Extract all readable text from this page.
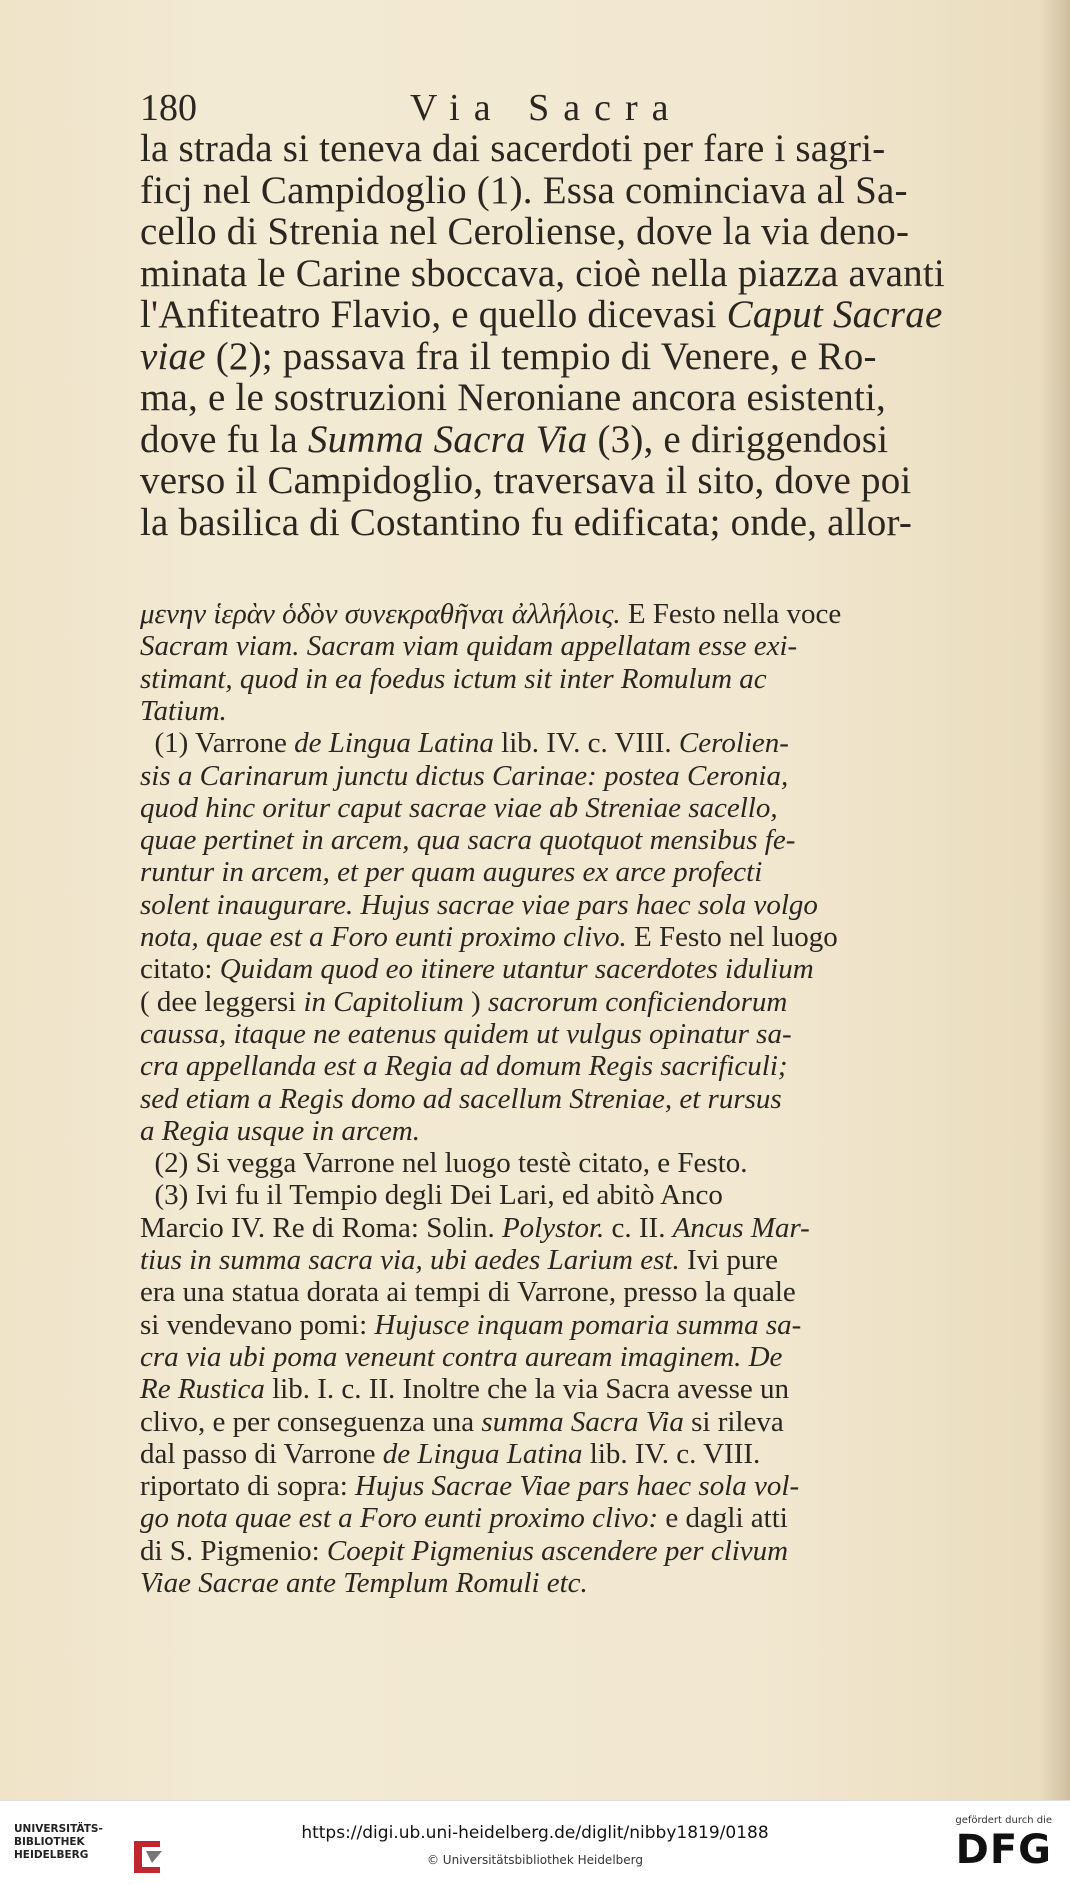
180	Via Sacra
la strada si teneva dai sacerdoti per fare i sagri-
ficj nel Campidoglio (1). Essa cominciava al Sa-
cello di Strenia nel Ceroliense, dove la via deno-
minata le Carine sboccava, cioè nella piazza avanti
l'Anfiteatro Flavio, e quello dicevasi Caput Sacrae
viae (2); passava fra il tempio di Venere, e Ro-
ma, e le sostruzioni Neroniane ancora esistenti,
dove fu la Summa Sacra Via (3), e diriggendosi
verso il Campidoglio, traversava il sito, dove poi
la basilica di Costantino fu edificata; onde, allor-
μενην ἱερὰν ὁδὸν συνεκραθῆναι ἀλλήλοις. E Festo nella voce
Sacram viam. Sacram viam quidam appellatam esse exi-
stimant, quod in ea foedus ictum sit inter Romulum ac
Tatium.
(1) Varrone de Lingua Latina lib. IV. c. VIII. Cerolien-
sis a Carinarum junctu dictus Carinae: postea Ceronia,
quod hinc oritur caput sacrae viae ab Streniae sacello,
quae pertinet in arcem, qua sacra quotquot mensibus fe-
runtur in arcem, et per quam augures ex arce profecti
solent inaugurare. Hujus sacrae viae pars haec sola volgo
nota, quae est a Foro eunti proximo clivo. E Festo nel luogo
citato: Quidam quod eo itinere utantur sacerdotes idulium
( dee leggersi in Capitolium ) sacrorum conficiendorum
caussa, itaque ne eatenus quidem ut vulgus opinatur sa-
cra appellanda est a Regia ad domum Regis sacrificuli;
sed etiam a Regis domo ad sacellum Streniae, et rursus
a Regia usque in arcem.
(2) Si vegga Varrone nel luogo testè citato, e Festo.
(3) Ivi fu il Tempio degli Dei Lari, ed abitò Anco
Marcio IV. Re di Roma: Solin. Polystor. c. II. Ancus Mar-
tius in summa sacra via, ubi aedes Larium est. Ivi pure
era una statua dorata ai tempi di Varrone, presso la quale
si vendevano pomi: Hujusce inquam pomaria summa sa-
cra via ubi poma veneunt contra auream imaginem. De
Re Rustica lib. I. c. II. Inoltre che la via Sacra avesse un
clivo, e per conseguenza una summa Sacra Via si rileva
dal passo di Varrone de Lingua Latina lib. IV. c. VIII.
riportato di sopra: Hujus Sacrae Viae pars haec sola vol-
go nota quae est a Foro eunti proximo clivo: e dagli atti
di S. Pigmenio: Coepit Pigmenius ascendere per clivum
Viae Sacrae ante Templum Romuli etc.
UNIVERSITÄTS-
BIBLIOTHEK
HEIDELBERG
https://digi.ub.uni-heidelberg.de/diglit/nibby1819/0188
© Universitätsbibliothek Heidelberg
gefördert durch die
DFG
